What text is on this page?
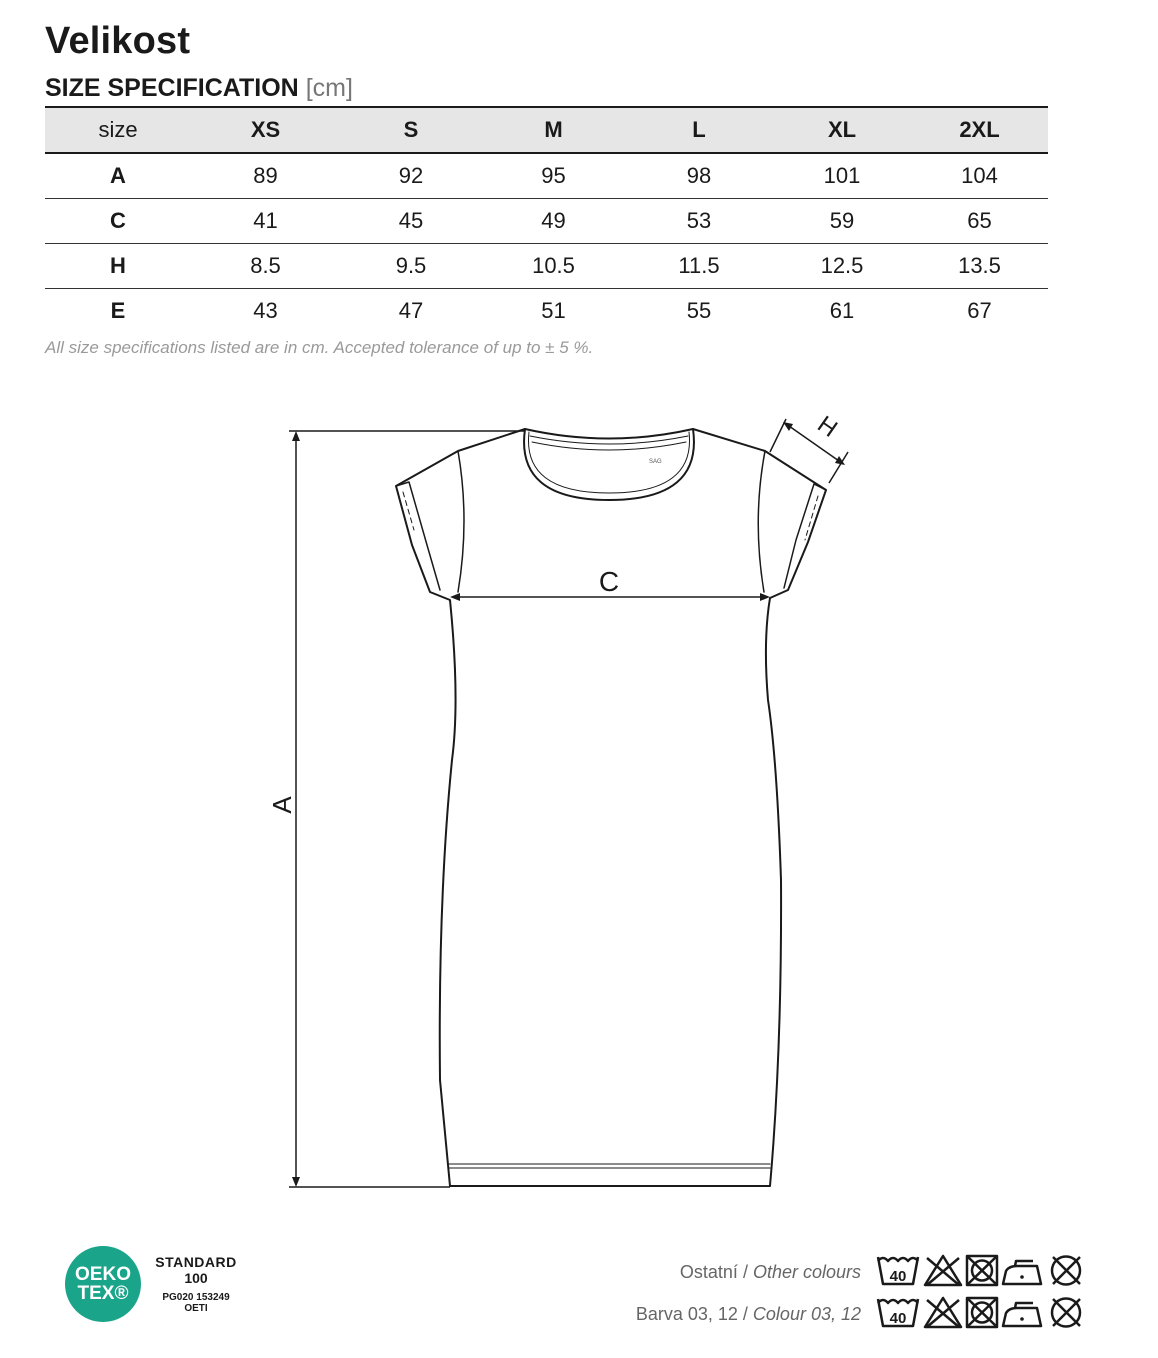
Velikost
SIZE SPECIFICATION [cm]
size	XS	S	M	L	XL	2XL
A	89	92	95	98	101	104
C	41	45	49	53	59	65
H	8.5	9.5	10.5	11.5	12.5	13.5
E	43	47	51	55	61	67
All size specifications listed are in cm. Accepted tolerance of up to ± 5 %.
SAG
A
C
H
OEKO
TEX®
STANDARD
100
PG020 153249
OETI
Ostatní / Other colours
Barva 03, 12 / Colour 03, 12
40
40
